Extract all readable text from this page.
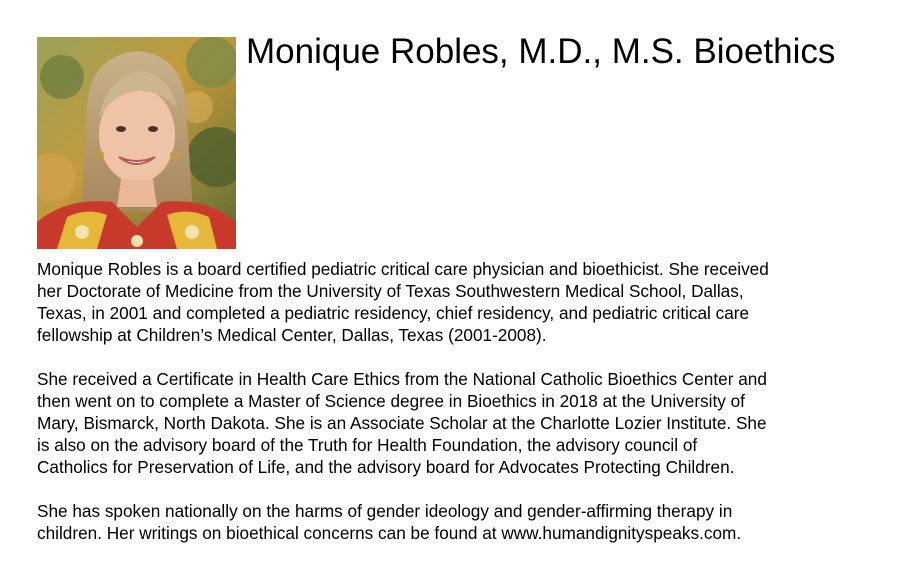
Monique Robles, M.D., M.S. Bioethics

Monique Robles is a board certified pediatric critical care physician and bioethicist. She received
her Doctorate of Medicine from the University of Texas Southwestern Medical School, Dallas,
Texas, in 2001 and completed a pediatric residency, chief residency, and pediatric critical care
fellowship at Children’s Medical Center, Dallas, Texas (2001-2008).

She received a Certificate in Health Care Ethics from the National Catholic Bioethics Center and
then went on to complete a Master of Science degree in Bioethics in 2018 at the University of
Mary, Bismarck, North Dakota. She is an Associate Scholar at the Charlotte Lozier Institute. She
is also on the advisory board of the Truth for Health Foundation, the advisory council of
Catholics for Preservation of Life, and the advisory board for Advocates Protecting Children.

She has spoken nationally on the harms of gender ideology and gender-affirming therapy in
children. Her writings on bioethical concerns can be found at www.humandignityspeaks.com.
